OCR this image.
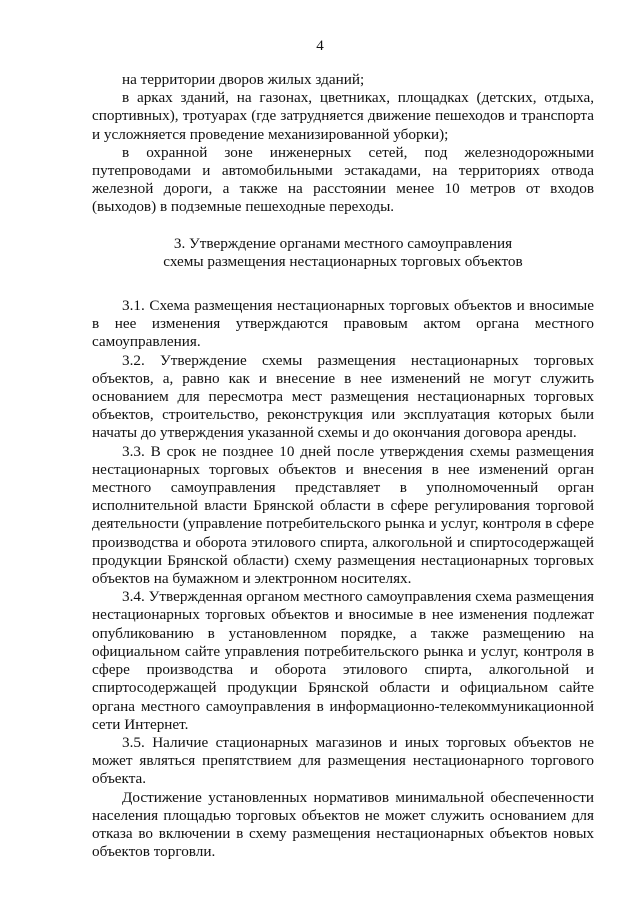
4

на территории дворов жилых зданий;

в арках зданий, на газонах, цветниках, площадках (детских, отдыха, спортивных), тротуарах (где затрудняется движение пешеходов и транспорта и усложняется проведение механизированной уборки);

в охранной зоне инженерных сетей, под железнодорожными путепроводами и автомобильными эстакадами, на территориях отвода железной дороги, а также на расстоянии менее 10 метров от входов (выходов) в подземные пешеходные переходы.

3. Утверждение органами местного самоуправления
схемы размещения нестационарных торговых объектов

3.1. Схема размещения нестационарных торговых объектов и вносимые в нее изменения утверждаются правовым актом органа местного самоуправления.

3.2. Утверждение схемы размещения нестационарных торговых объектов, а, равно как и внесение в нее изменений не могут служить основанием для пересмотра мест размещения нестационарных торговых объектов, строительство, реконструкция или эксплуатация которых были начаты до утверждения указанной схемы и до окончания договора аренды.

3.3. В срок не позднее 10 дней после утверждения схемы размещения нестационарных торговых объектов и внесения в нее изменений орган местного самоуправления представляет в уполномоченный орган исполнительной власти Брянской области в сфере регулирования торговой деятельности (управление потребительского рынка и услуг, контроля в сфере производства и оборота этилового спирта, алкогольной и спиртосодержащей продукции Брянской области) схему размещения нестационарных торговых объектов на бумажном и электронном носителях.

3.4. Утвержденная органом местного самоуправления схема размещения нестационарных торговых объектов и вносимые в нее изменения подлежат опубликованию в установленном порядке, а также размещению на официальном сайте управления потребительского рынка и услуг, контроля в сфере производства и оборота этилового спирта, алкогольной и спиртосодержащей продукции Брянской области и официальном сайте органа местного самоуправления в информационно-телекоммуникационной сети Интернет.

3.5. Наличие стационарных магазинов и иных торговых объектов не может являться препятствием для размещения нестационарного торгового объекта.

Достижение установленных нормативов минимальной обеспеченности населения площадью торговых объектов не может служить основанием для отказа во включении в схему размещения нестационарных объектов новых объектов торговли.
